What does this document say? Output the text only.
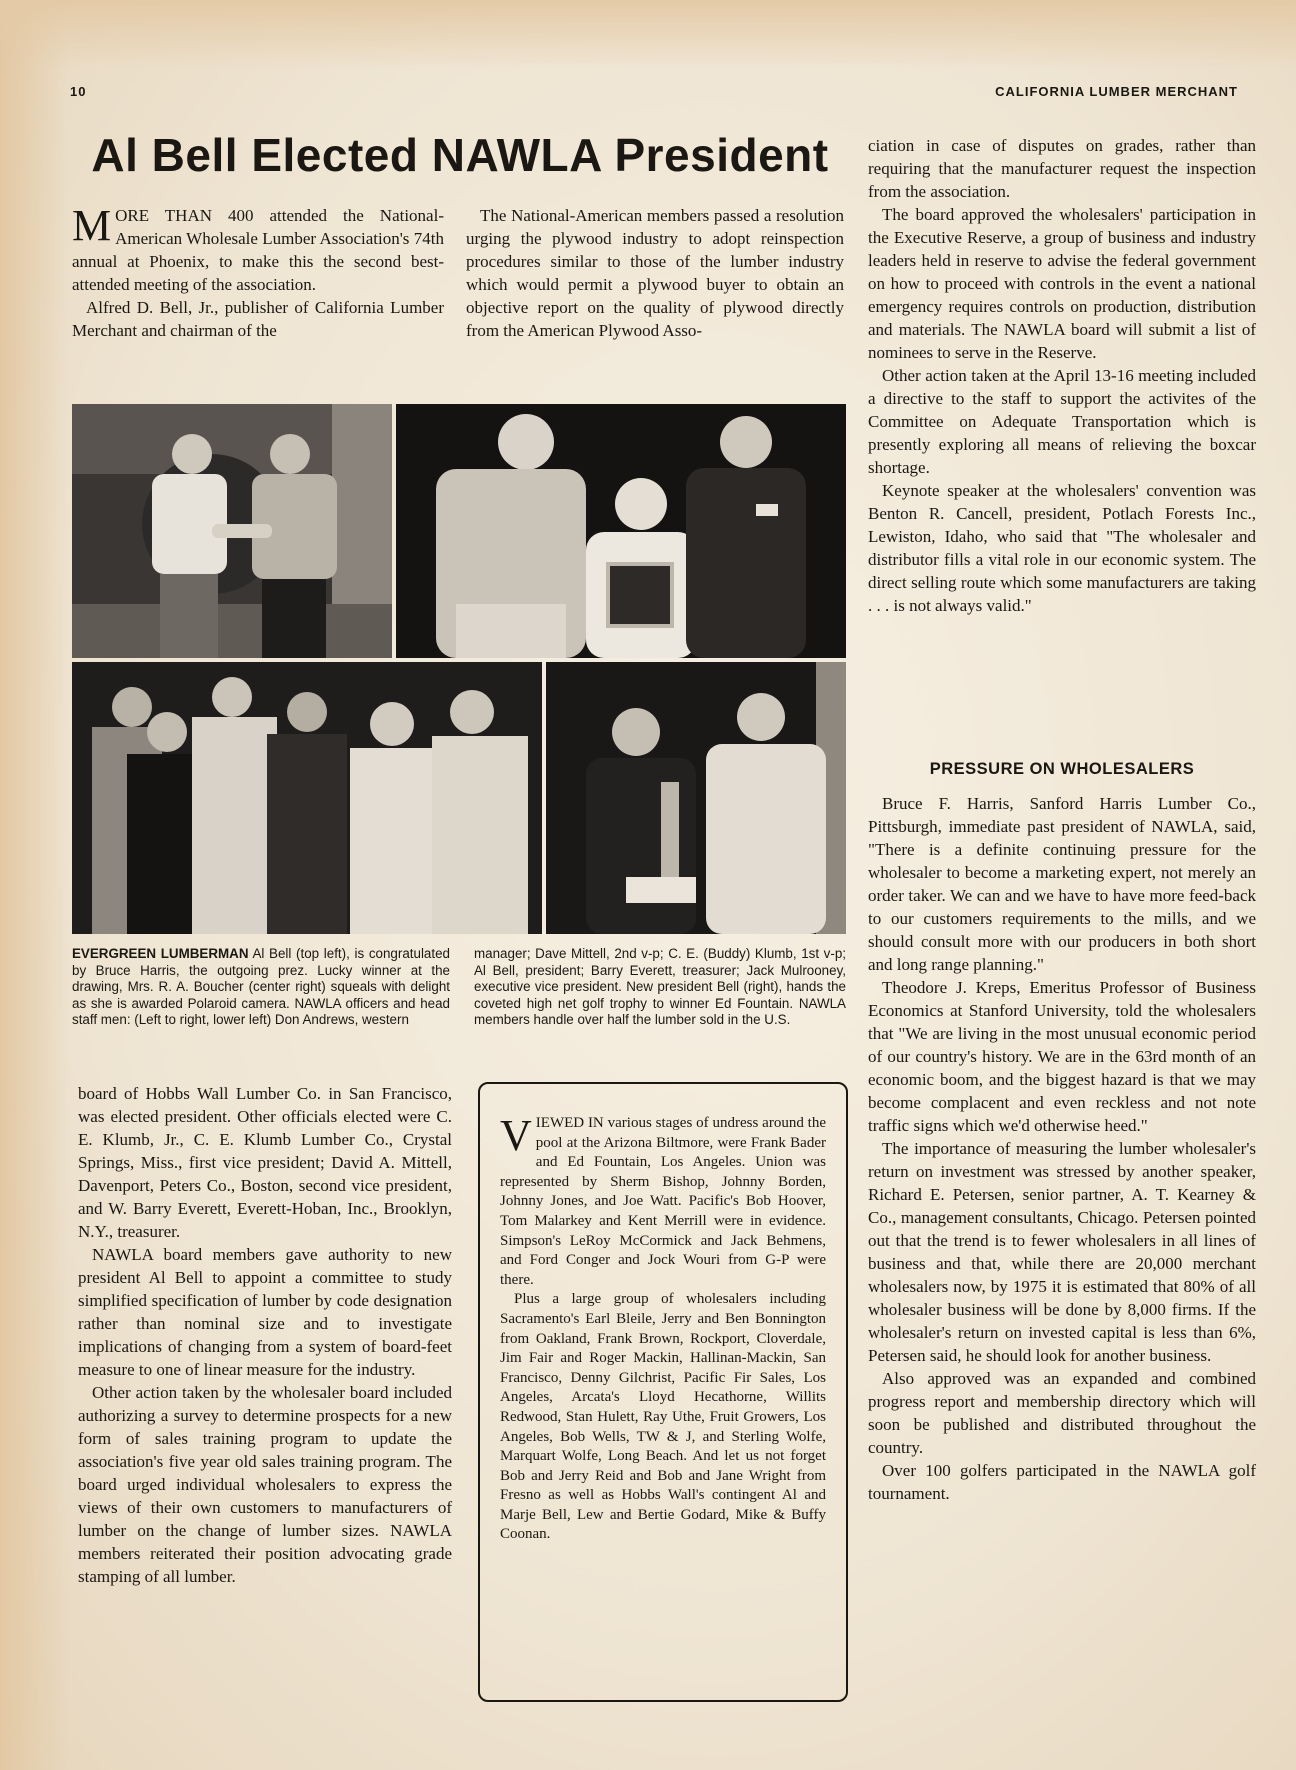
10	CALIFORNIA LUMBER MERCHANT
Al Bell Elected NAWLA President

MORE THAN 400 attended the National-American Wholesale Lumber Association's 74th annual at Phoenix, to make this the second best-attended meeting of the association.

Alfred D. Bell, Jr., publisher of California Lumber Merchant and chairman of the

The National-American members passed a resolution urging the plywood industry to adopt reinspection procedures similar to those of the lumber industry which would permit a plywood buyer to obtain an objective report on the quality of plywood directly from the American Plywood Asso-

EVERGREEN LUMBERMAN Al Bell (top left), is congratulated by Bruce Harris, the outgoing prez. Lucky winner at the drawing, Mrs. R. A. Boucher (center right) squeals with delight as she is awarded Polaroid camera. NAWLA officers and head staff men: (Left to right, lower left) Don Andrews, western
manager; Dave Mittell, 2nd v-p; C. E. (Buddy) Klumb, 1st v-p; Al Bell, president; Barry Everett, treasurer; Jack Mulrooney, executive vice president. New president Bell (right), hands the coveted high net golf trophy to winner Ed Fountain. NAWLA members handle over half the lumber sold in the U.S.

board of Hobbs Wall Lumber Co. in San Francisco, was elected president. Other officials elected were C. E. Klumb, Jr., C. E. Klumb Lumber Co., Crystal Springs, Miss., first vice president; David A. Mittell, Davenport, Peters Co., Boston, second vice president, and W. Barry Everett, Everett-Hoban, Inc., Brooklyn, N.Y., treasurer.

NAWLA board members gave authority to new president Al Bell to appoint a committee to study simplified specification of lumber by code designation rather than nominal size and to investigate implications of changing from a system of board-feet measure to one of linear measure for the industry.

Other action taken by the wholesaler board included authorizing a survey to determine prospects for a new form of sales training program to update the association's five year old sales training program. The board urged individual wholesalers to express the views of their own customers to manufacturers of lumber on the change of lumber sizes. NAWLA members reiterated their position advocating grade stamping of all lumber.

VIEWED IN various stages of undress around the pool at the Arizona Biltmore, were Frank Bader and Ed Fountain, Los Angeles. Union was represented by Sherm Bishop, Johnny Borden, Johnny Jones, and Joe Watt. Pacific's Bob Hoover, Tom Malarkey and Kent Merrill were in evidence. Simpson's LeRoy McCormick and Jack Behmens, and Ford Conger and Jock Wouri from G-P were there.

Plus a large group of wholesalers including Sacramento's Earl Bleile, Jerry and Ben Bonnington from Oakland, Frank Brown, Rockport, Cloverdale, Jim Fair and Roger Mackin, Hallinan-Mackin, San Francisco, Denny Gilchrist, Pacific Fir Sales, Los Angeles, Arcata's Lloyd Hecathorne, Willits Redwood, Stan Hulett, Ray Uthe, Fruit Growers, Los Angeles, Bob Wells, TW & J, and Sterling Wolfe, Marquart Wolfe, Long Beach. And let us not forget Bob and Jerry Reid and Bob and Jane Wright from Fresno as well as Hobbs Wall's contingent Al and Marje Bell, Lew and Bertie Godard, Mike & Buffy Coonan.

ciation in case of disputes on grades, rather than requiring that the manufacturer request the inspection from the association.

The board approved the wholesalers' participation in the Executive Reserve, a group of business and industry leaders held in reserve to advise the federal government on how to proceed with controls in the event a national emergency requires controls on production, distribution and materials. The NAWLA board will submit a list of nominees to serve in the Reserve.

Other action taken at the April 13-16 meeting included a directive to the staff to support the activites of the Committee on Adequate Transportation which is presently exploring all means of relieving the boxcar shortage.

Keynote speaker at the wholesalers' convention was Benton R. Cancell, president, Potlach Forests Inc., Lewiston, Idaho, who said that "The wholesaler and distributor fills a vital role in our economic system. The direct selling route which some manufacturers are taking . . . is not always valid."

PRESSURE ON WHOLESALERS

Bruce F. Harris, Sanford Harris Lumber Co., Pittsburgh, immediate past president of NAWLA, said, "There is a definite continuing pressure for the wholesaler to become a marketing expert, not merely an order taker. We can and we have to have more feed-back to our customers requirements to the mills, and we should consult more with our producers in both short and long range planning."

Theodore J. Kreps, Emeritus Professor of Business Economics at Stanford University, told the wholesalers that "We are living in the most unusual economic period of our country's history. We are in the 63rd month of an economic boom, and the biggest hazard is that we may become complacent and even reckless and not note traffic signs which we'd otherwise heed."

The importance of measuring the lumber wholesaler's return on investment was stressed by another speaker, Richard E. Petersen, senior partner, A. T. Kearney & Co., management consultants, Chicago. Petersen pointed out that the trend is to fewer wholesalers in all lines of business and that, while there are 20,000 merchant wholesalers now, by 1975 it is estimated that 80% of all wholesaler business will be done by 8,000 firms. If the wholesaler's return on invested capital is less than 6%, Petersen said, he should look for another business.

Also approved was an expanded and combined progress report and membership directory which will soon be published and distributed throughout the country.

Over 100 golfers participated in the NAWLA golf tournament.
